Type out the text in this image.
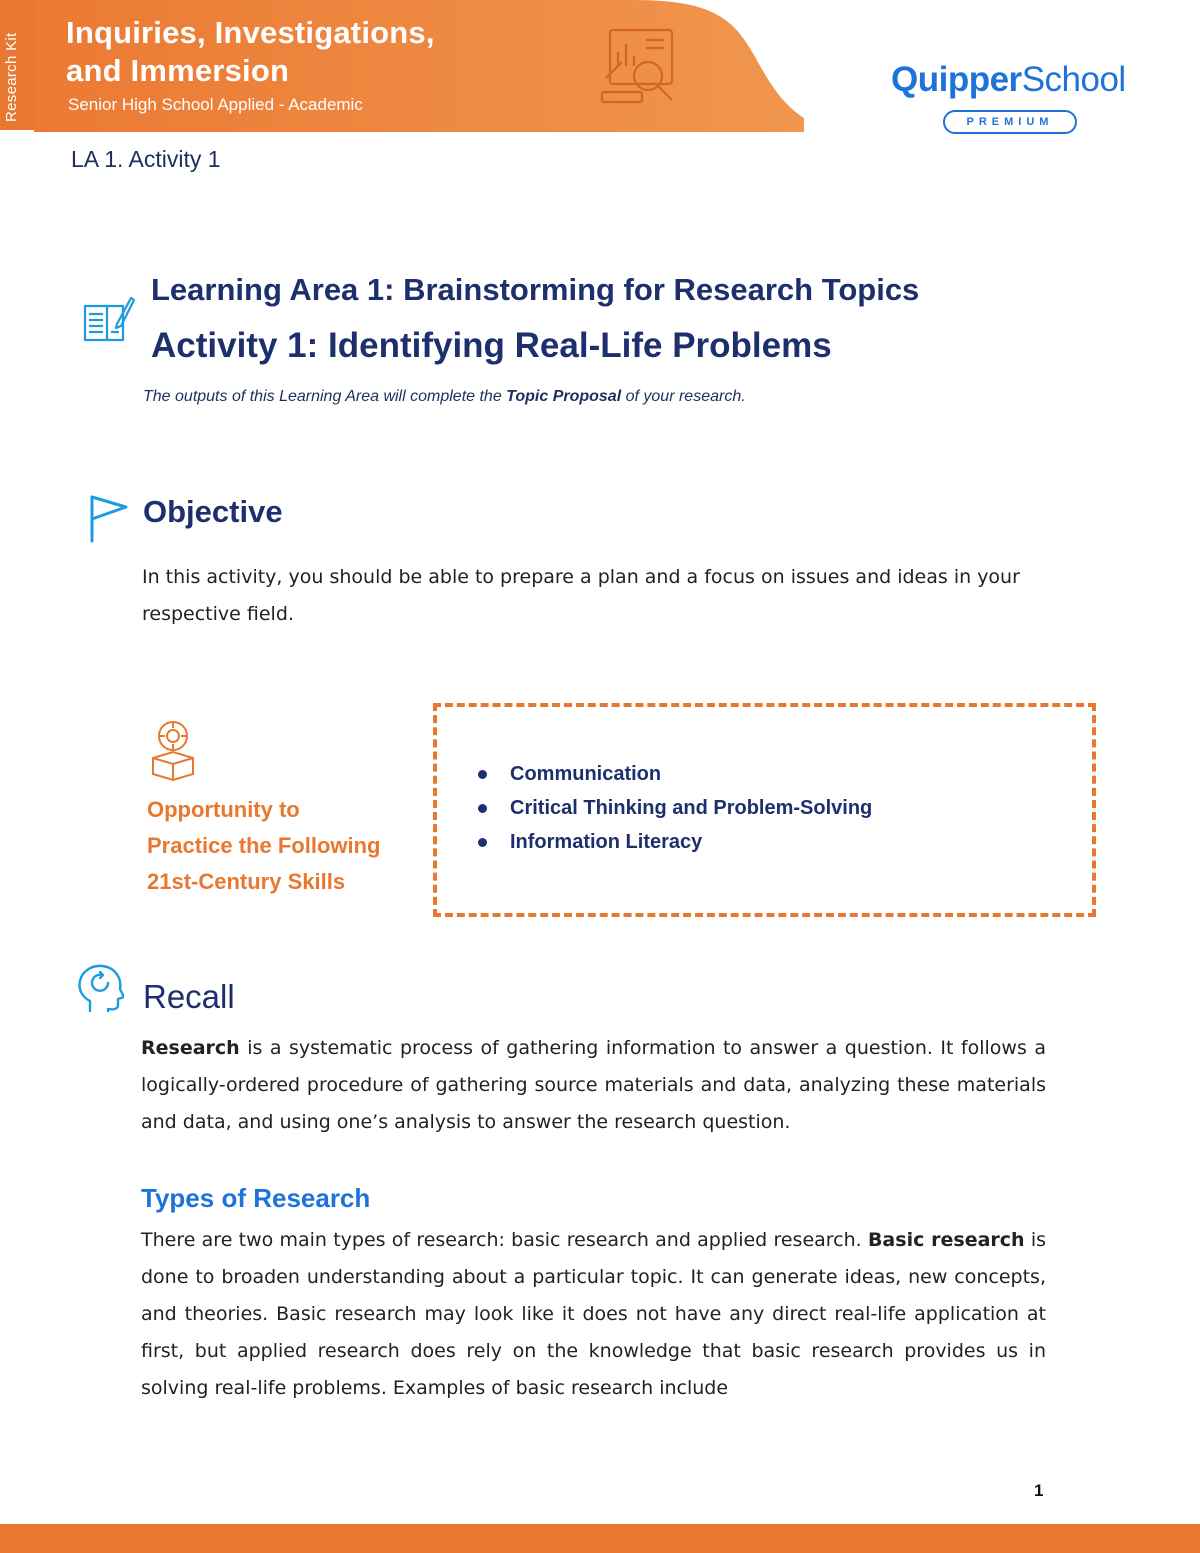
Research Kit
Inquiries, Investigations,
and Immersion
Senior High School Applied - Academic
QuipperSchool
PREMIUM
LA 1. Activity 1
Learning Area 1: Brainstorming for Research Topics
Activity 1: Identifying Real-Life Problems
The outputs of this Learning Area will complete the Topic Proposal of your research.
Objective
In this activity, you should be able to prepare a plan and a focus on issues and ideas in your respective field.
Opportunity to
Practice the Following
21st-Century Skills
Communication
Critical Thinking and Problem-Solving
Information Literacy
Recall
Research is a systematic process of gathering information to answer a question. It follows a logically-ordered procedure of gathering source materials and data, analyzing these materials and data, and using one’s analysis to answer the research question.
Types of Research
There are two main types of research: basic research and applied research. Basic research is done to broaden understanding about a particular topic. It can generate ideas, new concepts, and theories. Basic research may look like it does not have any direct real-life application at first, but applied research does rely on the knowledge that basic research provides us in solving real-life problems. Examples of basic research include
1
